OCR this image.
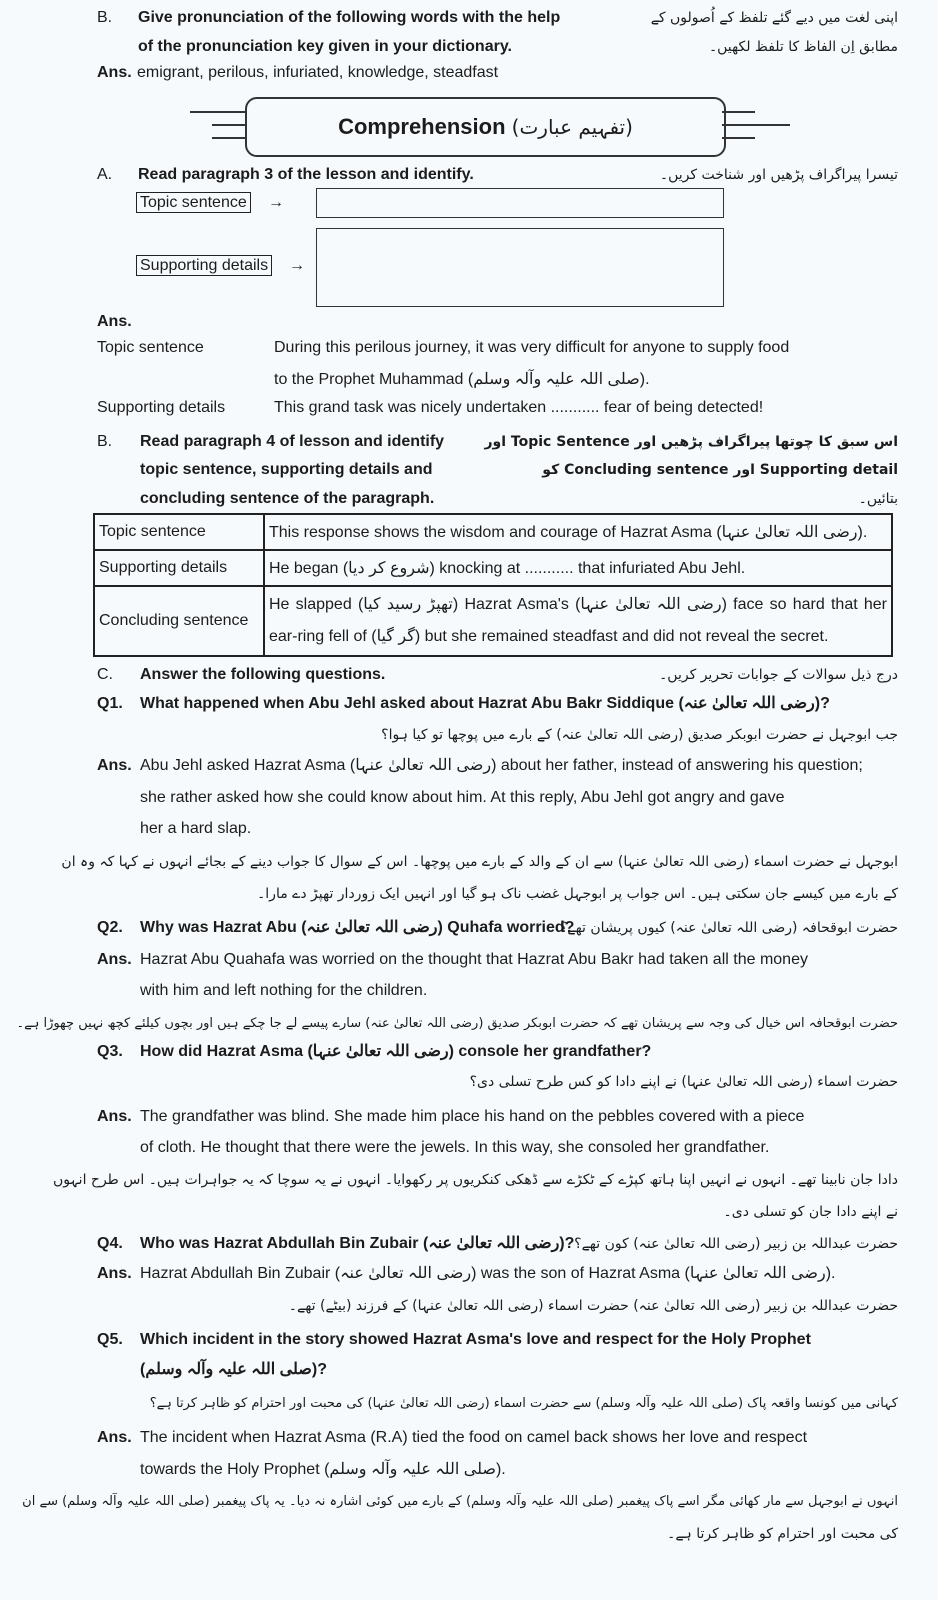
B. Give pronunciation of the following words with the help
of the pronunciation key given in your dictionary.
اپنی لغت میں دیے گئے تلفظ کے اُصولوں کے
مطابق اِن الفاظ کا تلفظ لکھیں۔
Ans. emigrant, perilous, infuriated, knowledge, steadfast
Comprehension (تفہیم عبارت)
A. Read paragraph 3 of the lesson and identify.	تیسرا پیراگراف پڑھیں اور شناخت کریں۔
Topic sentence →
Supporting details →
Ans.
Topic sentence	During this perilous journey, it was very difficult for anyone to supply food
to the Prophet Muhammad (صلی اللہ علیہ وآلہ وسلم).
Supporting details	This grand task was nicely undertaken ........... fear of being detected!
B. Read paragraph 4 of lesson and identify
topic sentence, supporting details and
concluding sentence of the paragraph.
اس سبق کا چوتھا پیراگراف پڑھیں اور Topic Sentence اور
Supporting detail اور Concluding sentence کو
بتائیں۔
Topic sentence	This response shows the wisdom and courage of Hazrat Asma (رضی اللہ تعالیٰ عنہا).
Supporting details	He began (شروع کر دیا) knocking at ........... that infuriated Abu Jehl.
Concluding sentence	He slapped (تھپڑ رسید کیا) Hazrat Asma's (رضی اللہ تعالیٰ عنہا) face so hard that her ear-ring fell of (گر گیا) but she remained steadfast and did not reveal the secret.
C. Answer the following questions.	درج ذیل سوالات کے جوابات تحریر کریں۔
Q1. What happened when Abu Jehl asked about Hazrat Abu Bakr Siddique (رضی اللہ تعالیٰ عنہ)?
جب ابوجہل نے حضرت ابوبکر صدیق (رضی اللہ تعالیٰ عنہ) کے بارے میں پوچھا تو کیا ہوا؟
Ans. Abu Jehl asked Hazrat Asma (رضی اللہ تعالیٰ عنہا) about her father, instead of answering his question;
she rather asked how she could know about him. At this reply, Abu Jehl got angry and gave
her a hard slap.
ابوجہل نے حضرت اسماء (رضی اللہ تعالیٰ عنہا) سے ان کے والد کے بارے میں پوچھا۔ اس کے سوال کا جواب دینے کے بجائے انہوں نے کہا کہ وہ ان
کے بارے میں کیسے جان سکتی ہیں۔ اس جواب پر ابوجہل غضب ناک ہو گیا اور انہیں ایک زوردار تھپڑ دے مارا۔
Q2. Why was Hazrat Abu (رضی اللہ تعالیٰ عنہ) Quhafa worried?
حضرت ابوقحافہ (رضی اللہ تعالیٰ عنہ) کیوں پریشان تھے؟
Ans. Hazrat Abu Quahafa was worried on the thought that Hazrat Abu Bakr had taken all the money
with him and left nothing for the children.
حضرت ابوقحافہ اس خیال کی وجہ سے پریشان تھے کہ حضرت ابوبکر صدیق (رضی اللہ تعالیٰ عنہ) سارے پیسے لے جا چکے ہیں اور بچوں کیلئے کچھ نہیں چھوڑا ہے۔
Q3. How did Hazrat Asma (رضی اللہ تعالیٰ عنہا) console her grandfather?
حضرت اسماء (رضی اللہ تعالیٰ عنہا) نے اپنے دادا کو کس طرح تسلی دی؟
Ans. The grandfather was blind. She made him place his hand on the pebbles covered with a piece
of cloth. He thought that there were the jewels. In this way, she consoled her grandfather.
دادا جان نابینا تھے۔ انہوں نے انہیں اپنا ہاتھ کپڑے کے ٹکڑے سے ڈھکی کنکریوں پر رکھوایا۔ انہوں نے یہ سوچا کہ یہ جواہرات ہیں۔ اس طرح انہوں
نے اپنے دادا جان کو تسلی دی۔
Q4. Who was Hazrat Abdullah Bin Zubair (رضی اللہ تعالیٰ عنہ)? حضرت عبداللہ بن زبیر (رضی اللہ تعالیٰ عنہ) کون تھے؟
Ans. Hazrat Abdullah Bin Zubair (رضی اللہ تعالیٰ عنہ) was the son of Hazrat Asma (رضی اللہ تعالیٰ عنہا).
حضرت عبداللہ بن زبیر (رضی اللہ تعالیٰ عنہ) حضرت اسماء (رضی اللہ تعالیٰ عنہا) کے فرزند (بیٹے) تھے۔
Q5. Which incident in the story showed Hazrat Asma's love and respect for the Holy Prophet
(صلی اللہ علیہ وآلہ وسلم)?
کہانی میں کونسا واقعہ پاک (صلی اللہ علیہ وآلہ وسلم) سے حضرت اسماء (رضی اللہ تعالیٰ عنہا) کی محبت اور احترام کو ظاہر کرتا ہے؟
Ans. The incident when Hazrat Asma (R.A) tied the food on camel back shows her love and respect
towards the Holy Prophet (صلی اللہ علیہ وآلہ وسلم).
انہوں نے ابوجہل سے مار کھائی مگر اسے پاک پیغمبر (صلی اللہ علیہ وآلہ وسلم) کے بارے میں کوئی اشارہ نہ دیا۔ یہ پاک پیغمبر (صلی اللہ علیہ وآلہ وسلم) سے ان
کی محبت اور احترام کو ظاہر کرتا ہے۔
